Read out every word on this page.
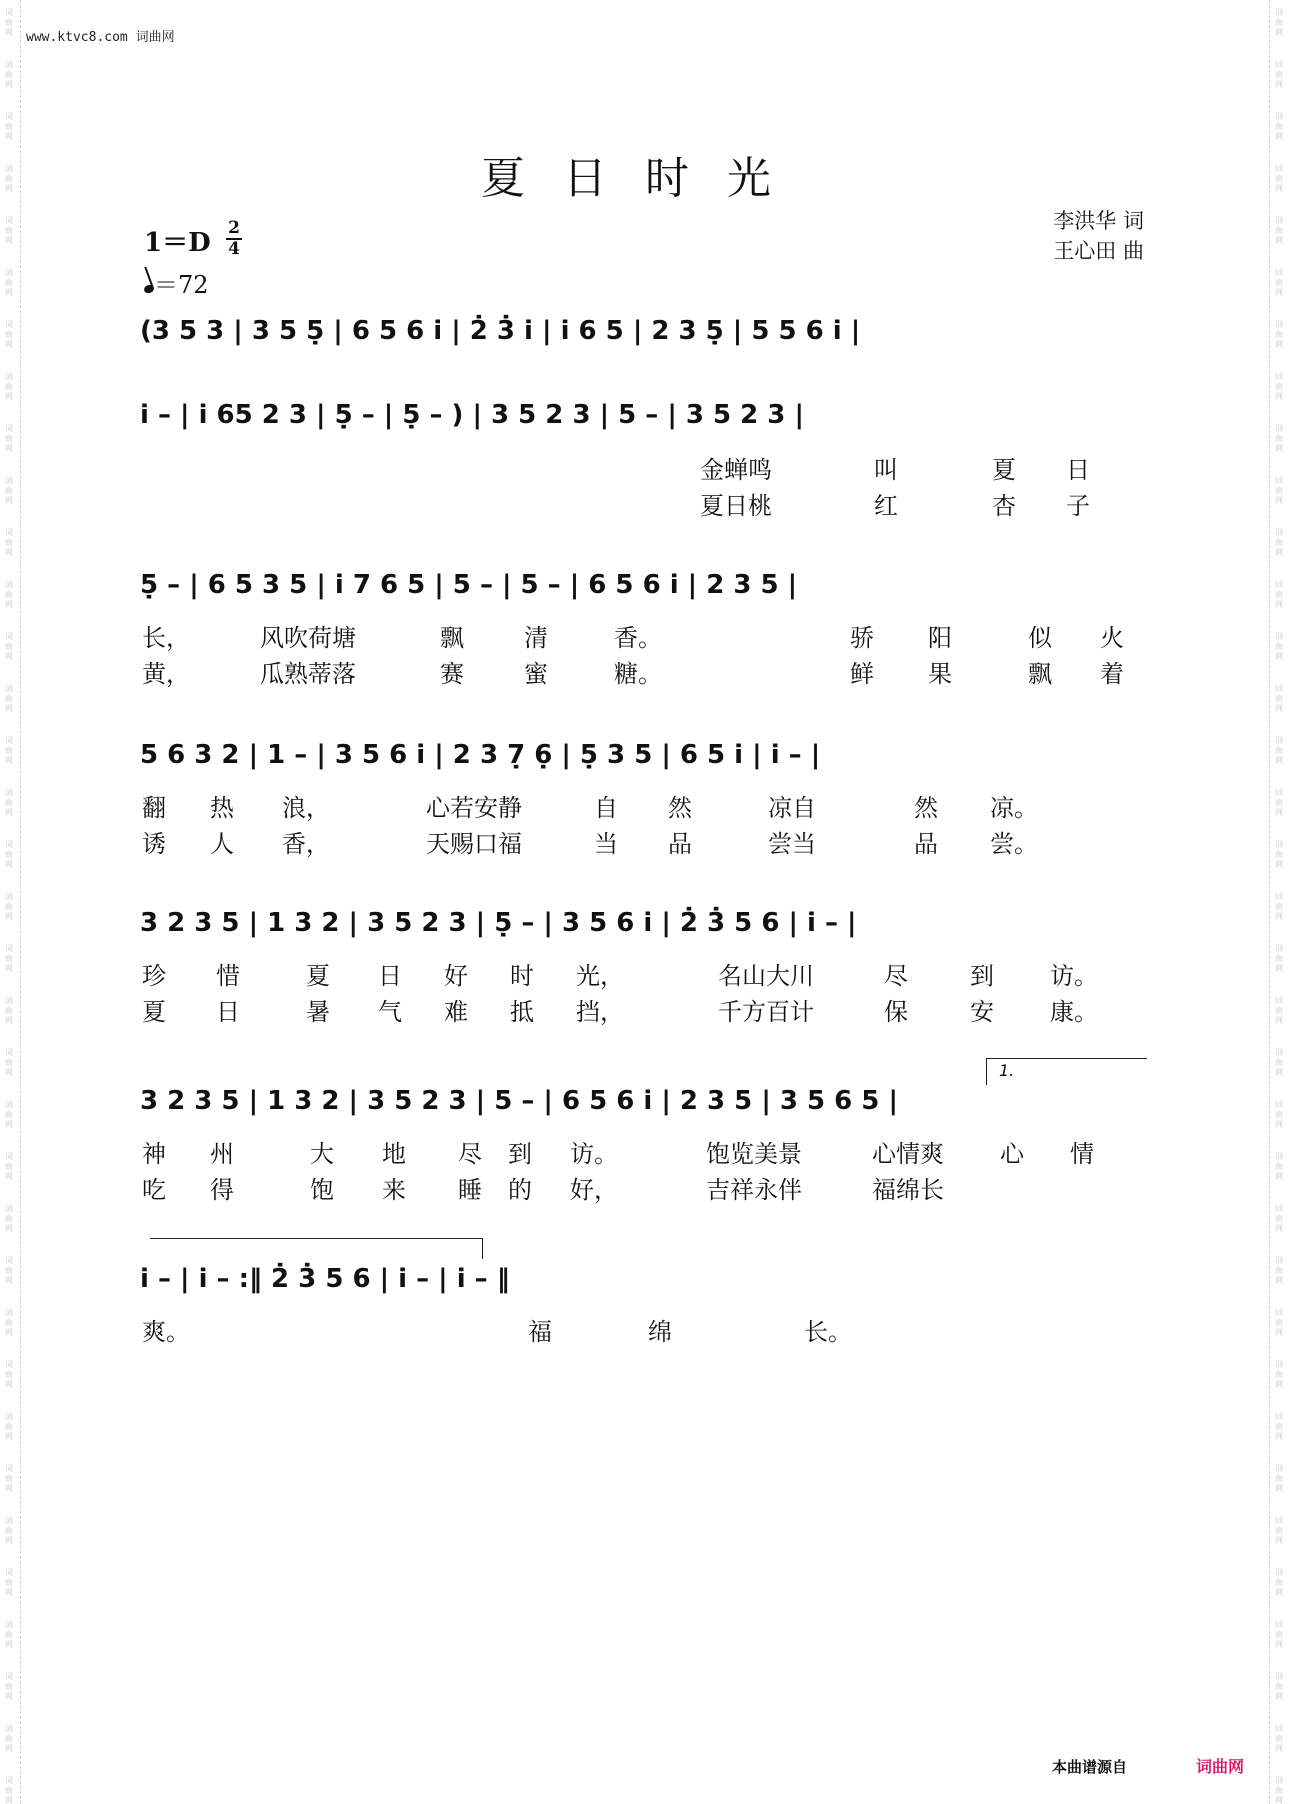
词
曲
网
词
曲
网
词
曲
网
词
曲
网
词
曲
网
词
曲
网
词
曲
网
词
曲
网
词
曲
网
词
曲
网
词
曲
网
词
曲
网
词
曲
网
词
曲
网
词
曲
网
词
曲
网
词
曲
网
词
曲
网
词
曲
网
词
曲
网
词
曲
网
词
曲
网
词
曲
网
词
曲
网
词
曲
网
词
曲
网
词
曲
网
词
曲
网
词
曲
网
词
曲
网
词
曲
网
词
曲
网
词
曲
网
词
曲
网
词
曲
网
词
曲
网
词
曲
网
词
曲
网
词
曲
网
词
曲
网
词
曲
网
词
曲
网
词
曲
网
词
曲
网
词
曲
网
词
曲
网
词
曲
网
词
曲
网
词
曲
网
词
曲
网
词
曲
网
词
曲
网
词
曲
网
词
曲
网
词
曲
网
词
曲
网
词
曲
网
词
曲
网
词
曲
网
词
曲
网
词
曲
网
词
曲
网
词
曲
网
词
曲
网
词
曲
网
词
曲
网
词
曲
网
词
曲
网
词
曲
网
词
曲
网
www.ktvc8.com 词曲网
夏日时光
1＝D 2
4
＝72
李洪华 词
王心田 曲
(3 5 3 | 3 5 5̣ | 6 5 6 i | 2̇ 3̇ i | i 6 5 | 2 3 5̣ | 5 5 6 i |
i – | i 65 2 3 | 5̣ – | 5̣ – ) | 3 5 2 3 | 5 – | 3 5 2 3 |
金蝉鸣	叫	夏 日
夏日桃	红	杏 子
5̣ – | 6 5 3 5 | i 7 6 5 | 5 – | 5 – | 6 5 6 i | 2 3 5 |
长，	风吹荷塘	飘	清	香。	骄 阳	似 火
黄，	瓜熟蒂落	赛	蜜	糖。	鲜 果	飘 着
5 6 3 2 | 1 – | 3 5 6 i | 2 3 7̣ 6̣ | 5̣ 3 5 | 6 5 i | i – |
翻 热 浪，	心若安静	自 然	凉自	然 凉。
诱 人 香，	天赐口福	当 品	尝当	品 尝。
3 2 3 5 | 1 3 2 | 3 5 2 3 | 5̣ – | 3 5 6 i | 2̇ 3̇ 5 6 | i – |
珍 惜	夏 日 好 时 光，	名山大川	尽	到 访。
夏 日	暑 气 难 抵 挡，	千方百计	保	安 康。
1.
3 2 3 5 | 1 3 2 | 3 5 2 3 | 5 – | 6 5 6 i | 2 3 5 | 3 5 6 5 |
神 州	大 地 尽 到 访。	饱览美景	心情爽 心 情
吃 得	饱 来 睡 的 好，	吉祥永伴	福绵长
i – | i – :‖ 2̇ 3̇ 5 6 | i – | i – ‖
爽。	福	绵	长。
本曲谱源自	词曲网
